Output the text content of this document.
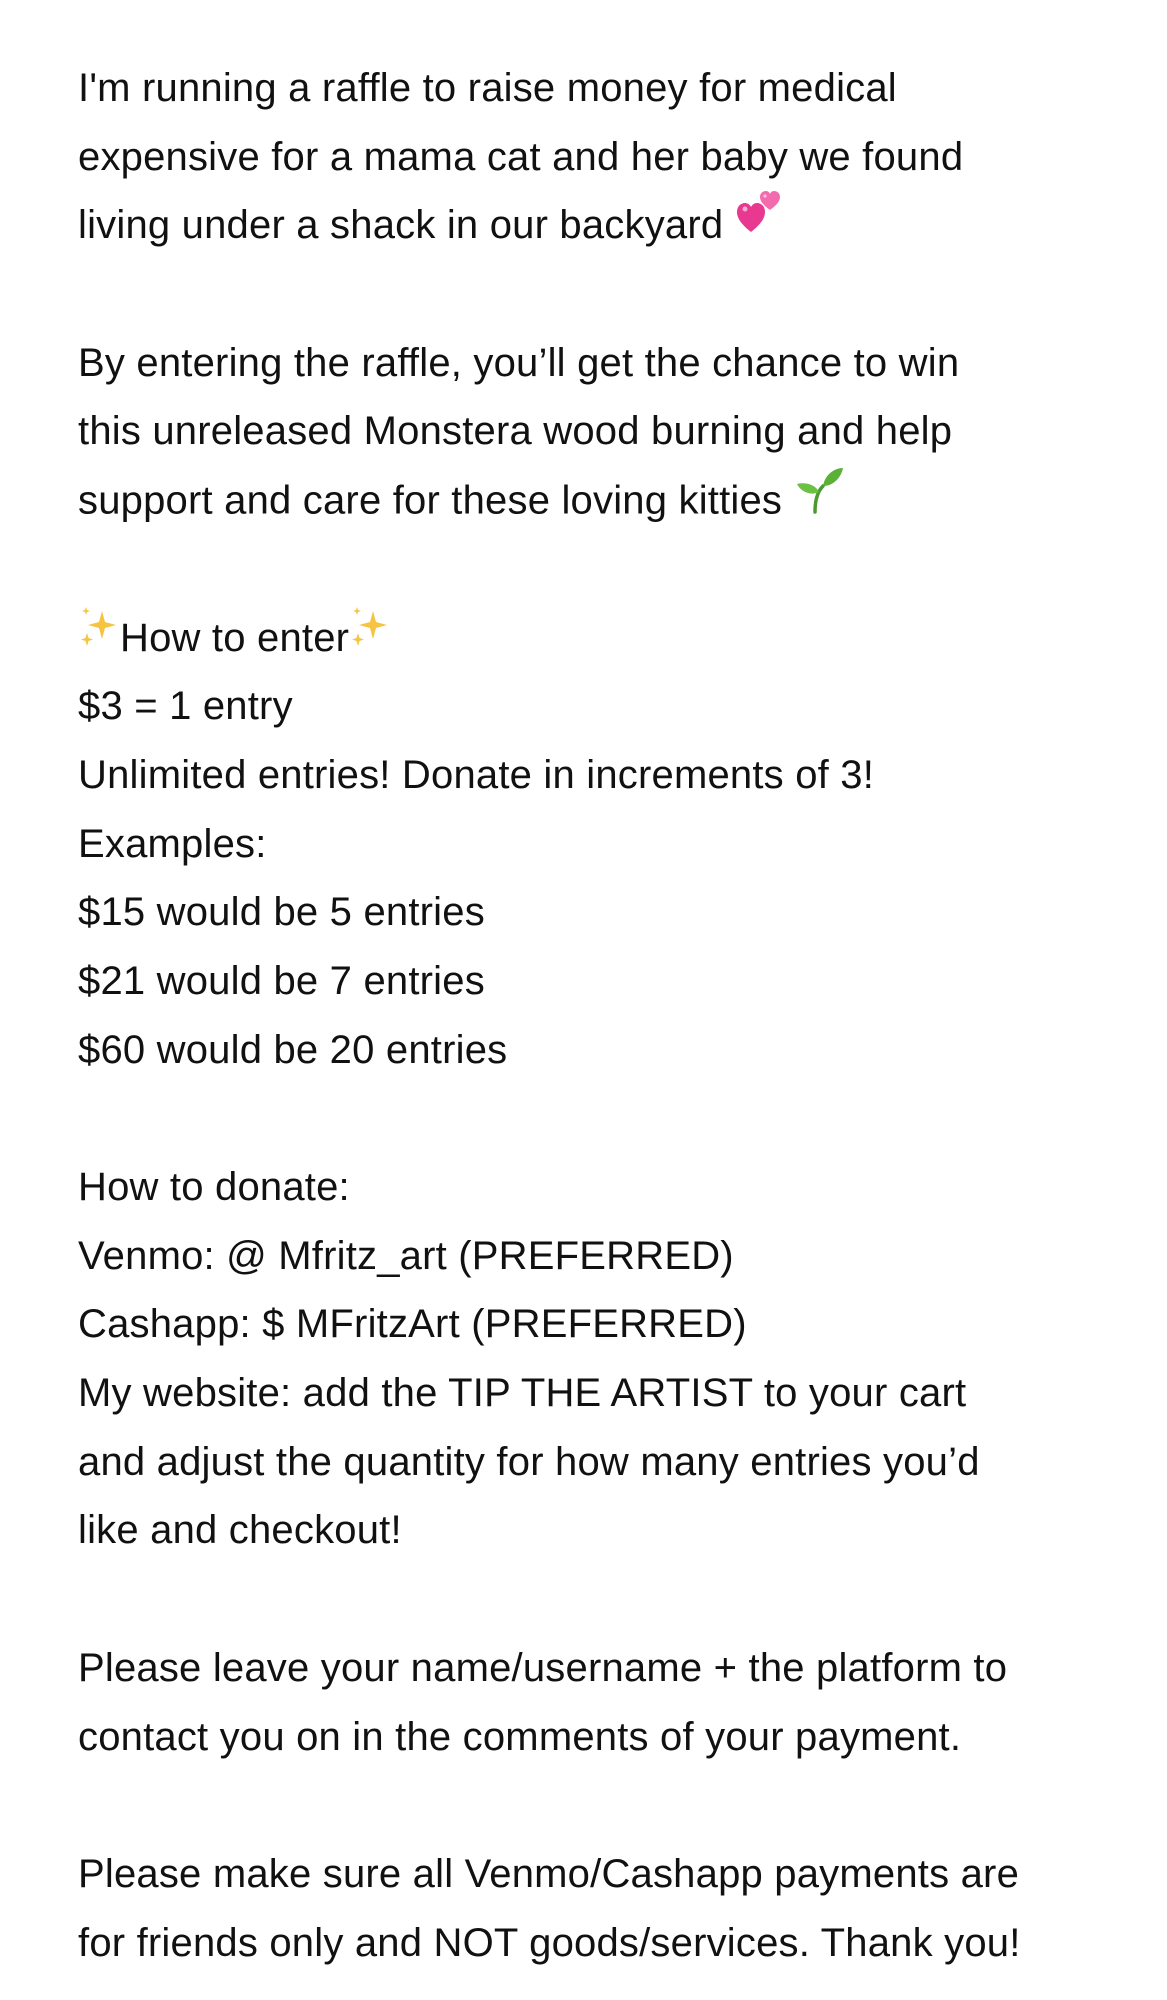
I'm running a raffle to raise money for medical
expensive for a mama cat and her baby we found
living under a shack in our backyard
By entering the raffle, you’ll get the chance to win
this unreleased Monstera wood burning and help
support and care for these loving kitties
How to enter
$3 = 1 entry
Unlimited entries! Donate in increments of 3!
Examples:
$15 would be 5 entries
$21 would be 7 entries
$60 would be 20 entries
How to donate:
Venmo: @ Mfritz_art (PREFERRED)
Cashapp: $ MFritzArt (PREFERRED)
My website: add the TIP THE ARTIST to your cart
and adjust the quantity for how many entries you’d
like and checkout!
Please leave your name/username + the platform to
contact you on in the comments of your payment.
Please make sure all Venmo/Cashapp payments are
for friends only and NOT goods/services. Thank you!
